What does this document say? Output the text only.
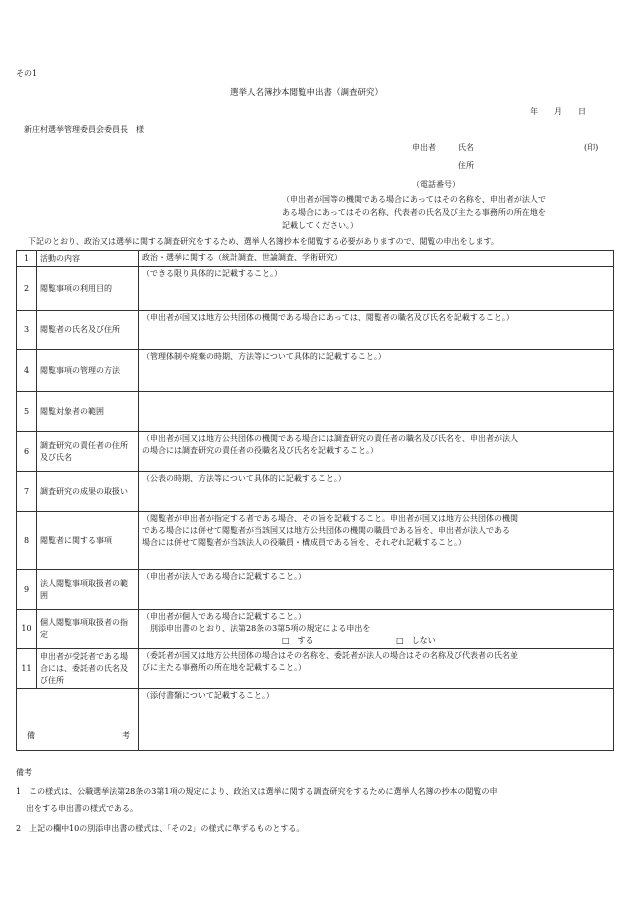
その1
選挙人名簿抄本閲覧申出書（調査研究）
年　　月　　日
新庄村選挙管理委員会委員長　様
申出者	氏名	(印)
住所
（電話番号）
（申出者が国等の機関である場合にあってはその名称を、申出者が法人で
ある場合にあってはその名称、代表者の氏名及び主たる事務所の所在地を
記載してください。）
下記のとおり、政治又は選挙に関する調査研究をするため、選挙人名簿抄本を閲覧する必要がありますので、閲覧の申出をします。
1	活動の内容	政治・選挙に関する（統計調査、世論調査、学術研究）

2	閲覧事項の利用目的	（できる限り具体的に記載すること。）

3	閲覧者の氏名及び住所	（申出者が国又は地方公共団体の機関である場合にあっては、閲覧者の職名及び氏名を記載すること。）

4	閲覧事項の管理の方法	（管理体制や廃棄の時期、方法等について具体的に記載すること。）

5	閲覧対象者の範囲	
6	調査研究の責任者の住所及び氏名	（申出者が国又は地方公共団体の機関である場合には調査研究の責任者の職名及び氏名を、申出者が法人
の場合には調査研究の責任者の役職名及び氏名を記載すること。）

7	調査研究の成果の取扱い	（公表の時期、方法等について具体的に記載すること。）

8	閲覧者に関する事項	（閲覧者が申出者が指定する者である場合、その旨を記載すること。申出者が国又は地方公共団体の機関
である場合には併せて閲覧者が当該国又は地方公共団体の機関の職員である旨を、申出者が法人である
場合には併せて閲覧者が当該法人の役職員・構成員である旨を、それぞれ記載すること。）

9	法人閲覧事項取扱者の範囲	（申出者が法人である場合に記載すること。）

10	個人閲覧事項取扱者の指定	（申出者が個人である場合に記載すること。）
　別添申出書のとおり、法第28条の3第5項の規定による申出を
□　する □　しない

11	申出者が受託者である場合には、委託者の氏名及び住所	（委託者が国又は地方公共団体の場合はその名称を、委託者が法人の場合はその名称及び代表者の氏名並
びに主たる事務所の所在地を記載すること。）

備 考		（添付書類について記載すること。）
備考
1　この様式は、公職選挙法第28条の3第1項の規定により、政治又は選挙に関する調査研究をするために選挙人名簿の抄本の閲覧の申
出をする申出書の様式である。
2　上記の欄中10の別添申出書の様式は、「その2」の様式に準ずるものとする。
